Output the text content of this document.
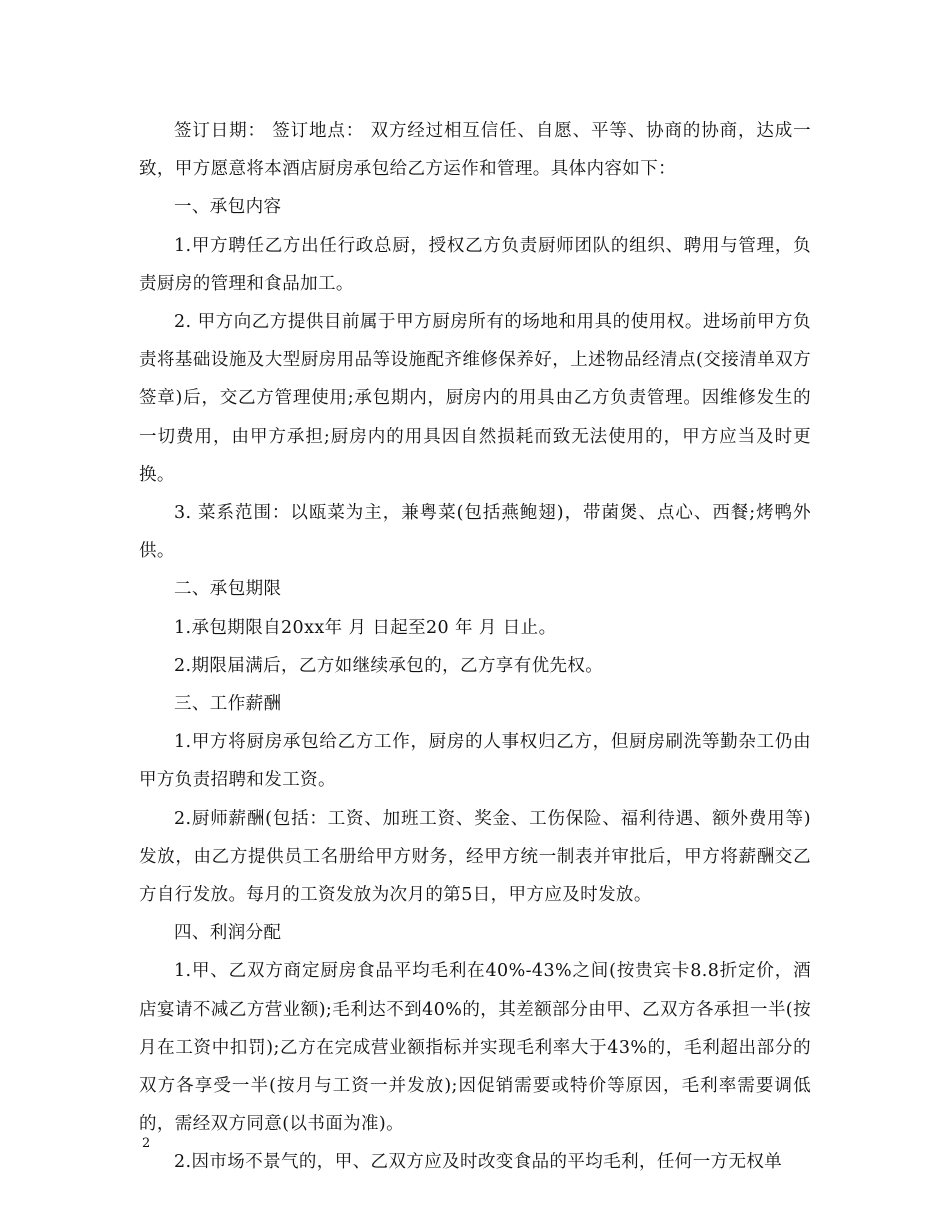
签订日期： 签订地点： 双方经过相互信任、自愿、平等、协商的协商，达成一致，甲方愿意将本酒店厨房承包给乙方运作和管理。具体内容如下：

一、承包内容

1.甲方聘任乙方出任行政总厨，授权乙方负责厨师团队的组织、聘用与管理，负责厨房的管理和食品加工。

2. 甲方向乙方提供目前属于甲方厨房所有的场地和用具的使用权。进场前甲方负责将基础设施及大型厨房用品等设施配齐维修保养好，上述物品经清点(交接清单双方签章)后，交乙方管理使用;承包期内，厨房内的用具由乙方负责管理。因维修发生的一切费用，由甲方承担;厨房内的用具因自然损耗而致无法使用的，甲方应当及时更换。

3. 菜系范围：以瓯菜为主，兼粤菜(包括燕鲍翅)，带菌煲、点心、西餐;烤鸭外供。

二、承包期限

1.承包期限自20xx年 月 日起至20 年 月 日止。

2.期限届满后，乙方如继续承包的，乙方享有优先权。

三、工作薪酬

1.甲方将厨房承包给乙方工作，厨房的人事权归乙方，但厨房刷洗等勤杂工仍由甲方负责招聘和发工资。

2.厨师薪酬(包括：工资、加班工资、奖金、工伤保险、福利待遇、额外费用等)发放，由乙方提供员工名册给甲方财务，经甲方统一制表并审批后，甲方将薪酬交乙方自行发放。每月的工资发放为次月的第5日，甲方应及时发放。

四、利润分配

1.甲、乙双方商定厨房食品平均毛利在40%-43%之间(按贵宾卡8.8折定价，酒店宴请不减乙方营业额);毛利达不到40%的，其差额部分由甲、乙双方各承担一半(按月在工资中扣罚);乙方在完成营业额指标并实现毛利率大于43%的，毛利超出部分的双方各享受一半(按月与工资一并发放);因促销需要或特价等原因，毛利率需要调低的，需经双方同意(以书面为准)。

2.因市场不景气的，甲、乙双方应及时改变食品的平均毛利，任何一方无权单

2
